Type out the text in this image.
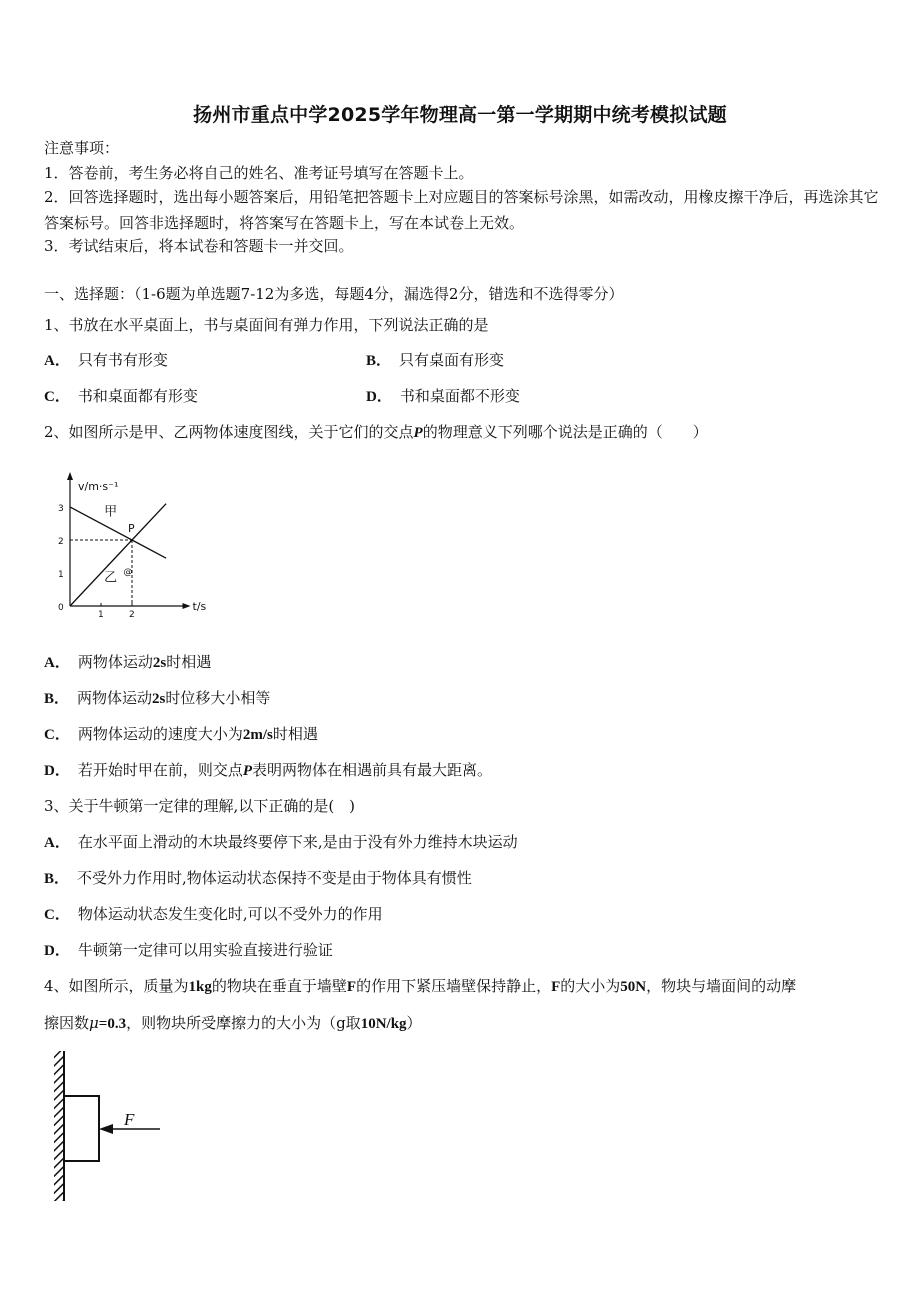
扬州市重点中学2025学年物理高一第一学期期中统考模拟试题
注意事项：
1．答卷前，考生务必将自己的姓名、准考证号填写在答题卡上。
2．回答选择题时，选出每小题答案后，用铅笔把答题卡上对应题目的答案标号涂黑，如需改动，用橡皮擦干净后，再选涂其它答案标号。回答非选择题时，将答案写在答题卡上，写在本试卷上无效。
3．考试结束后，将本试卷和答题卡一并交回。
一、选择题：（1-6题为单选题7-12为多选，每题4分，漏选得2分，错选和不选得零分）
1、书放在水平桌面上，书与桌面间有弹力作用，下列说法正确的是
A． 只有书有形变	B． 只有桌面有形变
C． 书和桌面都有形变	D． 书和桌面都不形变
2、如图所示是甲、乙两物体速度图线，关于它们的交点P的物理意义下列哪个说法是正确的（　　）
3
2
1
1	2
0
v/m·s⁻¹
t/s
甲
乙
P
@
A． 两物体运动2s时相遇
B． 两物体运动2s时位移大小相等
C． 两物体运动的速度大小为2m/s时相遇
D． 若开始时甲在前，则交点P表明两物体在相遇前具有最大距离。
3、关于牛顿第一定律的理解,以下正确的是(　)
A． 在水平面上滑动的木块最终要停下来,是由于没有外力维持木块运动
B． 不受外力作用时,物体运动状态保持不变是由于物体具有惯性
C． 物体运动状态发生变化时,可以不受外力的作用
D． 牛顿第一定律可以用实验直接进行验证
4、如图所示，质量为1kg的物块在垂直于墙壁F的作用下紧压墙壁保持静止，F的大小为50N，物块与墙面间的动摩
擦因数μ=0.3，则物块所受摩擦力的大小为（g取10N/kg）
F
